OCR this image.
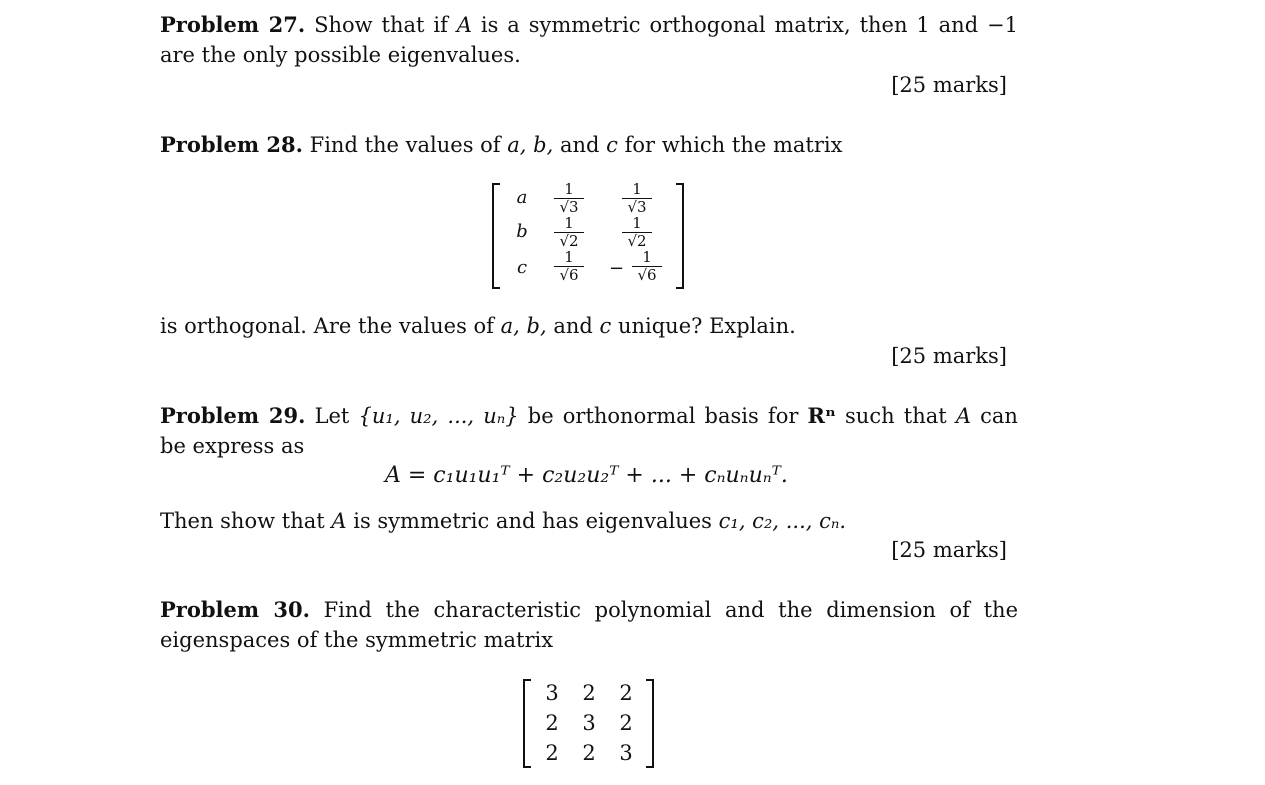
Problem 27. Show that if A is a symmetric orthogonal matrix, then 1 and −1
are the only possible eigenvalues.
[25 marks]
Problem 28. Find the values of a, b, and c for which the matrix
a
b
c
1
√3
1
√2
1
√6
1
√3
1
√2
−
1
√6
is orthogonal. Are the values of a, b, and c unique? Explain.
[25 marks]
Problem 29. Let {u₁, u₂, ..., uₙ} be orthonormal basis for Rⁿ such that A can
be express as
A = c₁u₁u₁ᵀ + c₂u₂u₂ᵀ + ... + cₙuₙuₙᵀ.
Then show that A is symmetric and has eigenvalues c₁, c₂, ..., cₙ.
[25 marks]
Problem 30. Find the characteristic polynomial and the dimension of the
eigenspaces of the symmetric matrix
3 2 2
2 3 2
2 2 3
